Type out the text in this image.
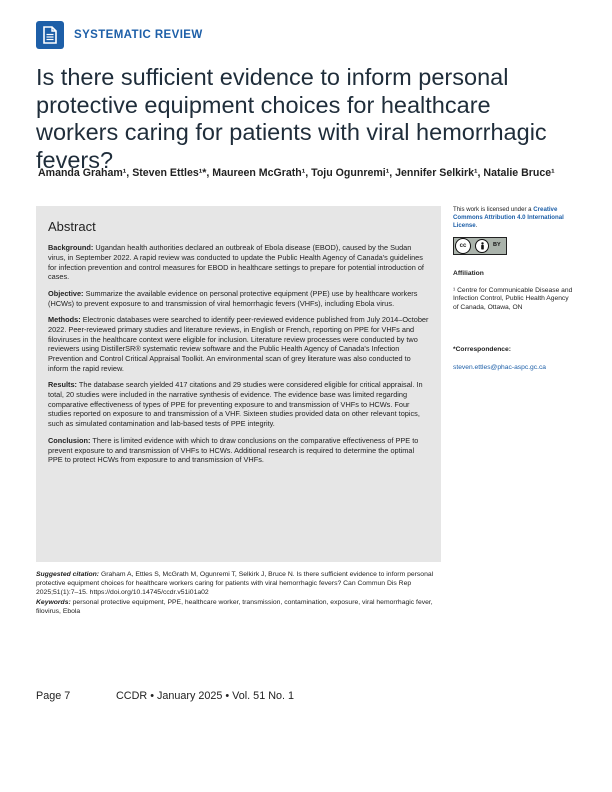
SYSTEMATIC REVIEW
Is there sufficient evidence to inform personal protective equipment choices for healthcare workers caring for patients with viral hemorrhagic fevers?
Amanda Graham¹, Steven Ettles¹*, Maureen McGrath¹, Toju Ogunremi¹, Jennifer Selkirk¹, Natalie Bruce¹
Abstract

Background: Ugandan health authorities declared an outbreak of Ebola disease (EBOD), caused by the Sudan virus, in September 2022. A rapid review was conducted to update the Public Health Agency of Canada's guidelines for infection prevention and control measures for EBOD in healthcare settings to prepare for potential introduction of cases.

Objective: Summarize the available evidence on personal protective equipment (PPE) use by healthcare workers (HCWs) to prevent exposure to and transmission of viral hemorrhagic fevers (VHFs), including Ebola virus.

Methods: Electronic databases were searched to identify peer-reviewed evidence published from July 2014–October 2022. Peer-reviewed primary studies and literature reviews, in English or French, reporting on PPE for VHFs and filoviruses in the healthcare context were eligible for inclusion. Literature review processes were conducted by two reviewers using DistillerSR® systematic review software and the Public Health Agency of Canada's Infection Prevention and Control Critical Appraisal Toolkit. An environmental scan of grey literature was also conducted to inform the rapid review.

Results: The database search yielded 417 citations and 29 studies were considered eligible for critical appraisal. In total, 20 studies were included in the narrative synthesis of evidence. The evidence base was limited regarding comparative effectiveness of types of PPE for preventing exposure to and transmission of VHFs to HCWs. Four studies reported on exposure to and transmission of a VHF. Sixteen studies provided data on other relevant topics, such as simulated contamination and lab-based tests of PPE integrity.

Conclusion: There is limited evidence with which to draw conclusions on the comparative effectiveness of PPE to prevent exposure to and transmission of VHFs to HCWs. Additional research is required to determine the optimal PPE to protect HCWs from exposure to and transmission of VHFs.

This work is licensed under a Creative Commons Attribution 4.0 International License.
cc	BY
Affiliation
¹ Centre for Communicable Disease and Infection Control, Public Health Agency of Canada, Ottawa, ON
*Correspondence:
steven.ettles@phac-aspc.gc.ca
Suggested citation: Graham A, Ettles S, McGrath M, Ogunremi T, Selkirk J, Bruce N. Is there sufficient evidence to inform personal protective equipment choices for healthcare workers caring for patients with viral hemorrhagic fevers? Can Commun Dis Rep 2025;51(1):7–15. https://doi.org/10.14745/ccdr.v51i01a02
Keywords: personal protective equipment, PPE, healthcare worker, transmission, contamination, exposure, viral hemorrhagic fever, filovirus, Ebola
Page 7	CCDR • January 2025 • Vol. 51 No. 1
